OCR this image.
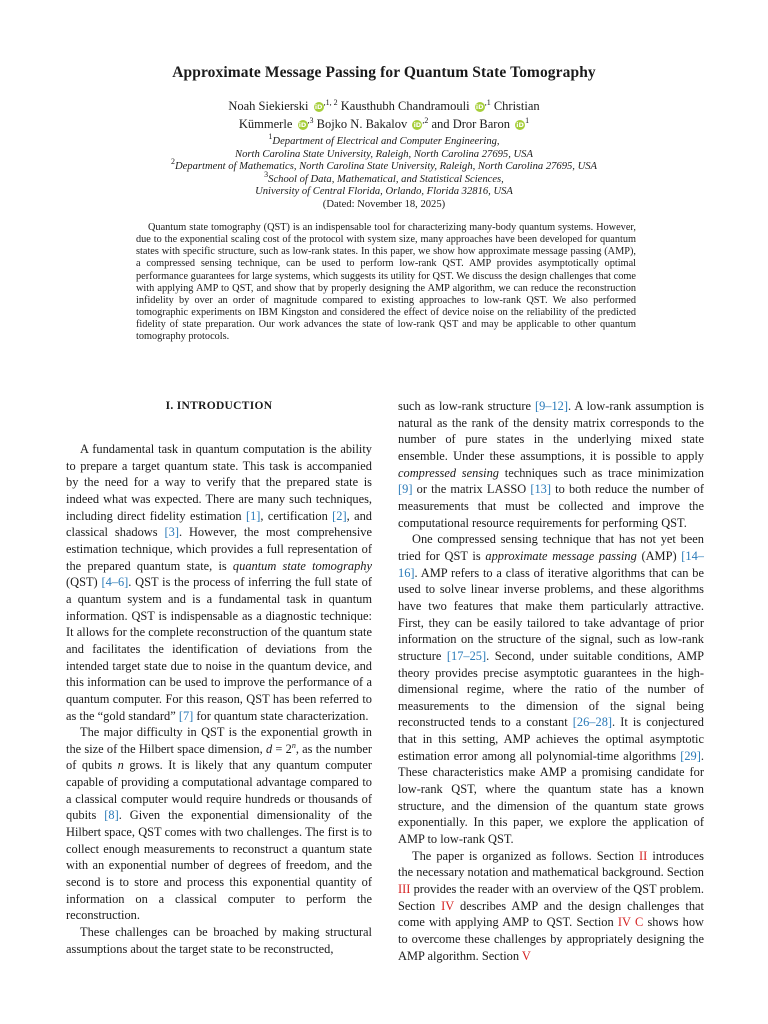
Approximate Message Passing for Quantum State Tomography
Noah Siekierski $iD^{,1, 2}$ Kausthubh Chandramouli $iD^{,1}$ Christian
Kümmerle $iD^{,3}$ Bojko N. Bakalov $iD^{,2}$ and Dror Baron $iD^1$
$^1$Department of Electrical and Computer Engineering,
North Carolina State University, Raleigh, North Carolina 27695, USA
$^2$Department of Mathematics, North Carolina State University, Raleigh, North Carolina 27695, USA
$^3$School of Data, Mathematical, and Statistical Sciences,
University of Central Florida, Orlando, Florida 32816, USA
(Dated: November 18, 2025)
Quantum state tomography (QST) is an indispensable tool for characterizing many-body quantum systems. However, due to the exponential scaling cost of the protocol with system size, many approaches have been developed for quantum states with specific structure, such as low-rank states. In this paper, we show how approximate message passing (AMP), a compressed sensing technique, can be used to perform low-rank QST. AMP provides asymptotically optimal performance guarantees for large systems, which suggests its utility for QST. We discuss the design challenges that come with applying AMP to QST, and show that by properly designing the AMP algorithm, we can reduce the reconstruction infidelity by over an order of magnitude compared to existing approaches to low-rank QST. We also performed tomographic experiments on IBM Kingston and considered the effect of device noise on the reliability of the predicted fidelity of state preparation. Our work advances the state of low-rank QST and may be applicable to other quantum tomography protocols.
I. INTRODUCTION

A fundamental task in quantum computation is the ability to prepare a target quantum state. This task is accompanied by the need for a way to verify that the prepared state is indeed what was expected. There are many such techniques, including direct fidelity estimation [1], certification [2], and classical shadows [3]. However, the most comprehensive estimation technique, which provides a full representation of the prepared quantum state, is quantum state tomography (QST) [4–6]. QST is the process of inferring the full state of a quantum system and is a fundamental task in quantum information. QST is indispensable as a diagnostic technique: It allows for the complete reconstruction of the quantum state and facilitates the identification of deviations from the intended target state due to noise in the quantum device, and this information can be used to improve the performance of a quantum computer. For this reason, QST has been referred to as the “gold standard” [7] for quantum state characterization.

The major difficulty in QST is the exponential growth in the size of the Hilbert space dimension, $d = 2^n$, as the number of qubits n grows. It is likely that any quantum computer capable of providing a computational advantage compared to a classical computer would require hundreds or thousands of qubits [8]. Given the exponential dimensionality of the Hilbert space, QST comes with two challenges. The first is to collect enough measurements to reconstruct a quantum state with an exponential number of degrees of freedom, and the second is to store and process this exponential quantity of information on a classical computer to perform the reconstruction.

These challenges can be broached by making structural assumptions about the target state to be reconstructed,

such as low-rank structure [9–12]. A low-rank assumption is natural as the rank of the density matrix corresponds to the number of pure states in the underlying mixed state ensemble. Under these assumptions, it is possible to apply compressed sensing techniques such as trace minimization [9] or the matrix LASSO [13] to both reduce the number of measurements that must be collected and improve the computational resource requirements for performing QST.

One compressed sensing technique that has not yet been tried for QST is approximate message passing (AMP) [14–16]. AMP refers to a class of iterative algorithms that can be used to solve linear inverse problems, and these algorithms have two features that make them particularly attractive. First, they can be easily tailored to take advantage of prior information on the structure of the signal, such as low-rank structure [17–25]. Second, under suitable conditions, AMP theory provides precise asymptotic guarantees in the high-dimensional regime, where the ratio of the number of measurements to the dimension of the signal being reconstructed tends to a constant [26–28]. It is conjectured that in this setting, AMP achieves the optimal asymptotic estimation error among all polynomial-time algorithms [29]. These characteristics make AMP a promising candidate for low-rank QST, where the quantum state has a known structure, and the dimension of the quantum state grows exponentially. In this paper, we explore the application of AMP to low-rank QST.

The paper is organized as follows. Section II introduces the necessary notation and mathematical background. Section III provides the reader with an overview of the QST problem. Section IV describes AMP and the design challenges that come with applying AMP to QST. Section IV C shows how to overcome these challenges by appropriately designing the AMP algorithm. Section V
